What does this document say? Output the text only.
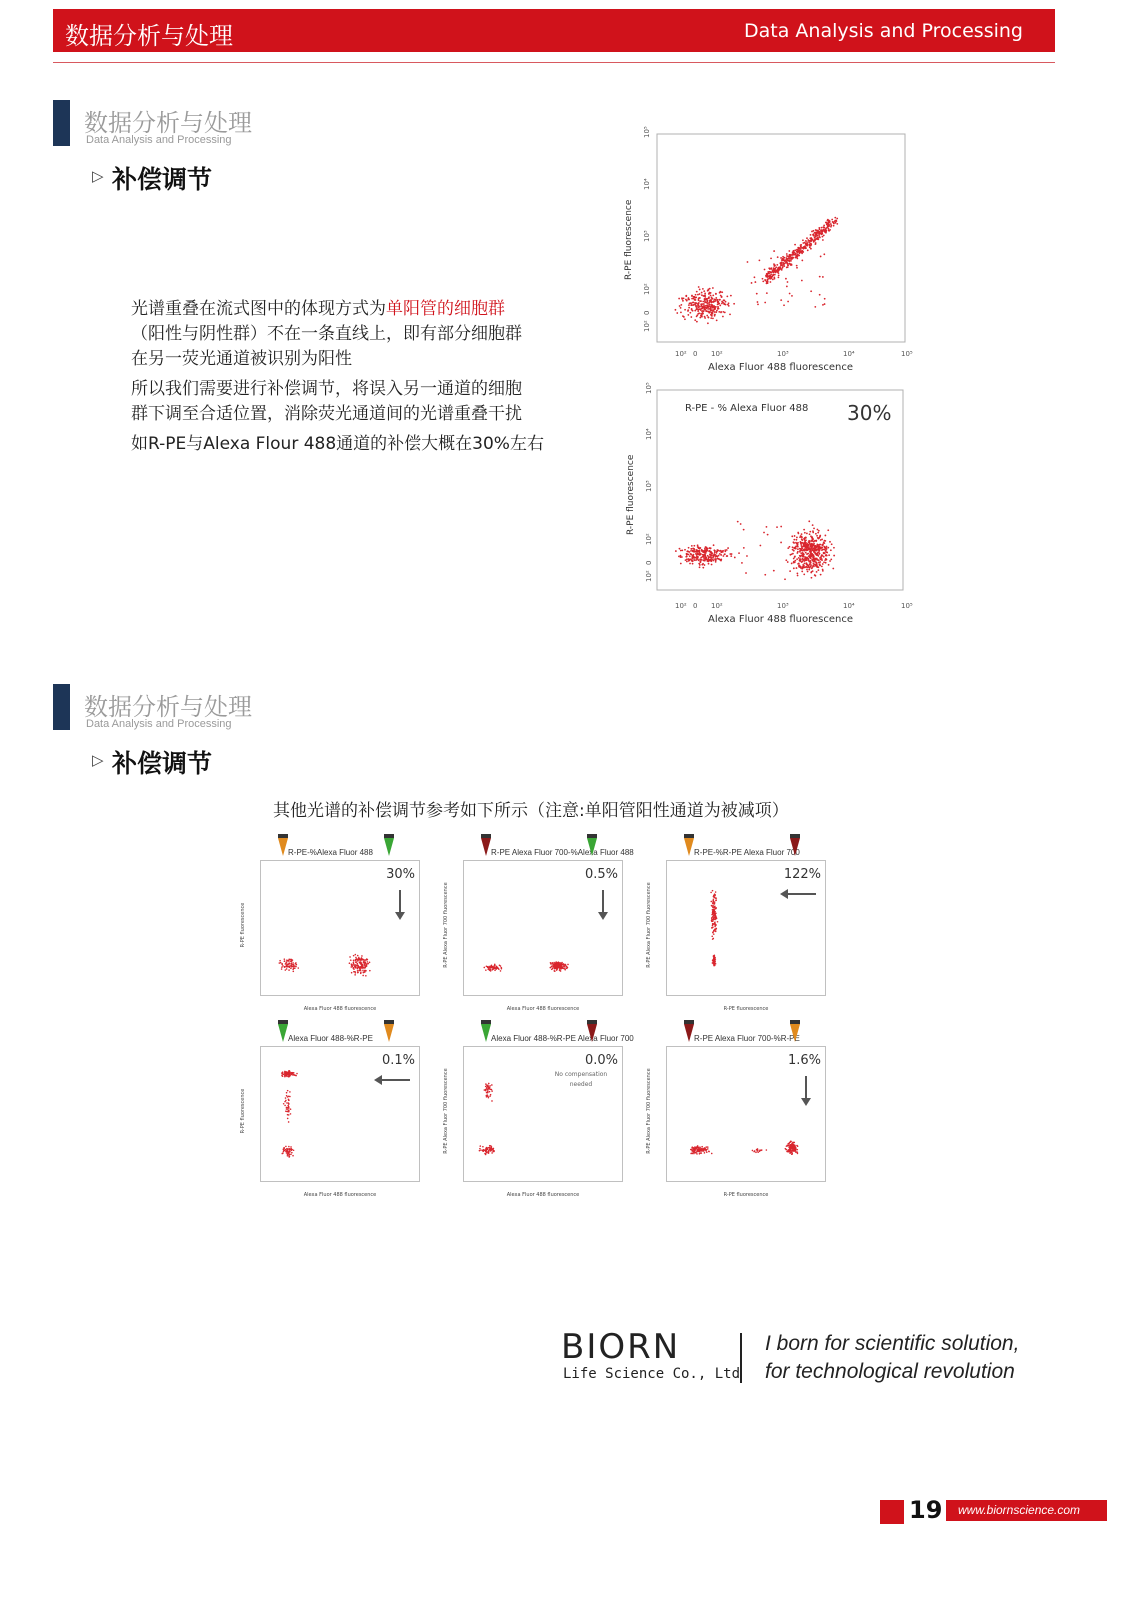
数据分析与处理	Data Analysis and Processing
数据分析与处理
Data Analysis and Processing
▷ 补偿调节
光谱重叠在流式图中的体现方式为单阳管的细胞群
（阳性与阴性群）不在一条直线上，即有部分细胞群
在另一荧光通道被识别为阳性
所以我们需要进行补偿调节，将误入另一通道的细胞
群下调至合适位置，消除荧光通道间的光谱重叠干扰
如R-PE与Alexa Flour 488通道的补偿大概在30%左右
R-PE fluorescence
Alexa Fluor 488 fluorescence
10² 0 10²	10³	10⁴	10⁵
10⁵
10⁴
10³
10²
0
10²
R-PE - % Alexa Fluor 488 30%
R-PE fluorescence
Alexa Fluor 488 fluorescence
10² 0 10²	10³	10⁴	10⁵
10⁵
10⁴
10³
10²
0
10²
数据分析与处理
Data Analysis and Processing
▷ 补偿调节
其他光谱的补偿调节参考如下所示（注意:单阳管阳性通道为被减项）
R-PE-%Alexa Fluor 488
30%
R-PE fluorescence
Alexa Fluor 488 fluorescence
R-PE Alexa Fluor 700-%Alexa Fluor 488
0.5%
R-PE Alexa Fluor 700 fluorescence
Alexa Fluor 488 fluorescence
R-PE-%R-PE Alexa Fluor 700
122%
R-PE Alexa Fluor 700 fluorescence
R-PE fluorescence
Alexa Fluor 488-%R-PE
0.1%
R-PE fluorescence
Alexa Fluor 488 fluorescence
Alexa Fluor 488-%R-PE Alexa Fluor 700
0.0%
No compensation needed
R-PE Alexa Fluor 700 fluorescence
Alexa Fluor 488 fluorescence
R-PE Alexa Fluor 700-%R-PE
1.6%
R-PE Alexa Fluor 700 fluorescence
R-PE fluorescence
BIORN
Life Science Co., Ltd
I born for scientific solution,
for technological revolution
19	www.biornscience.com
